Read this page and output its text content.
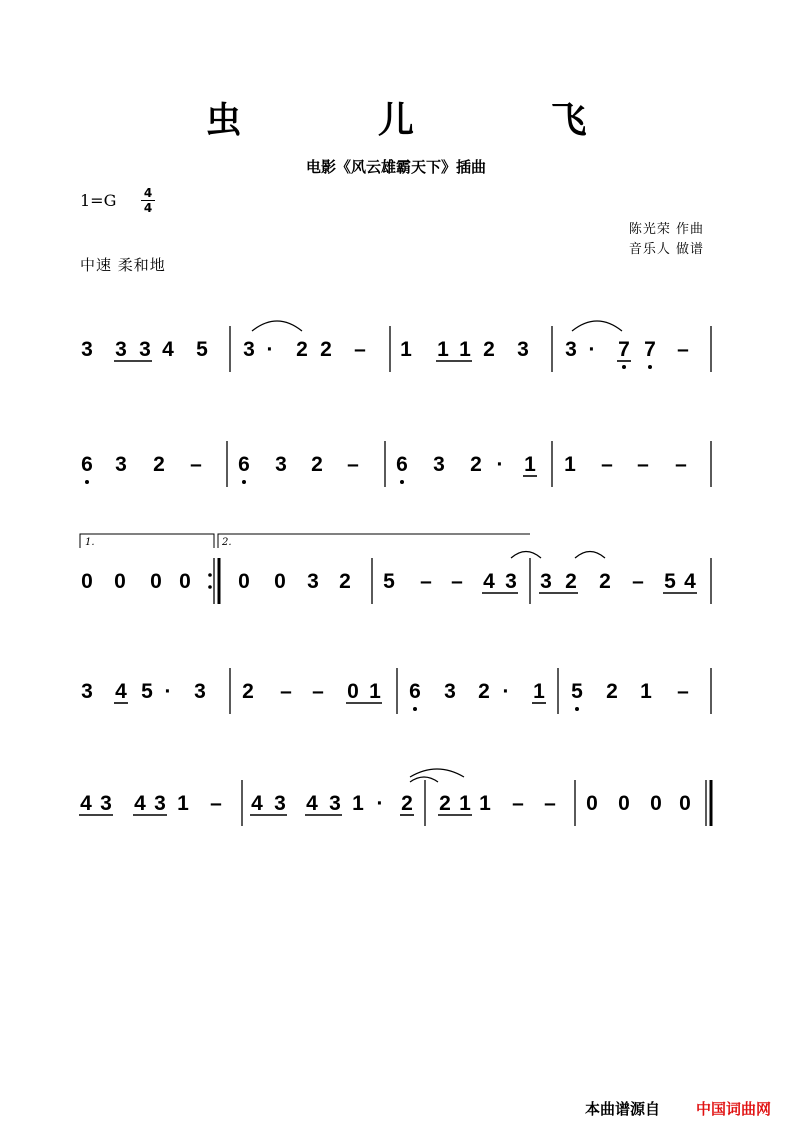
虫 儿 飞
电影《风云雄霸天下》插曲
1=G	4
4
陈光荣 作曲
音乐人 做谱
中速 柔和地
1.	2.
3 3 3 4 5 3 · 2 2 – 1 1 1 2 3 3 · 7 7 –
6 3 2 – 6 3 2 – 6 3 2 · 1 1 – – –
0 0 0 0 0 0 3 2 5 – – 4 3 3 2 2 – 5 4
3 4 5 · 3 2 – – 0 1 6 3 2 · 1 5 2 1 –
4 3 4 3 1 – 4 3 4 3 1 · 2 2 1 1 – – 0 0 0 0
本曲谱源自 中国词曲网
